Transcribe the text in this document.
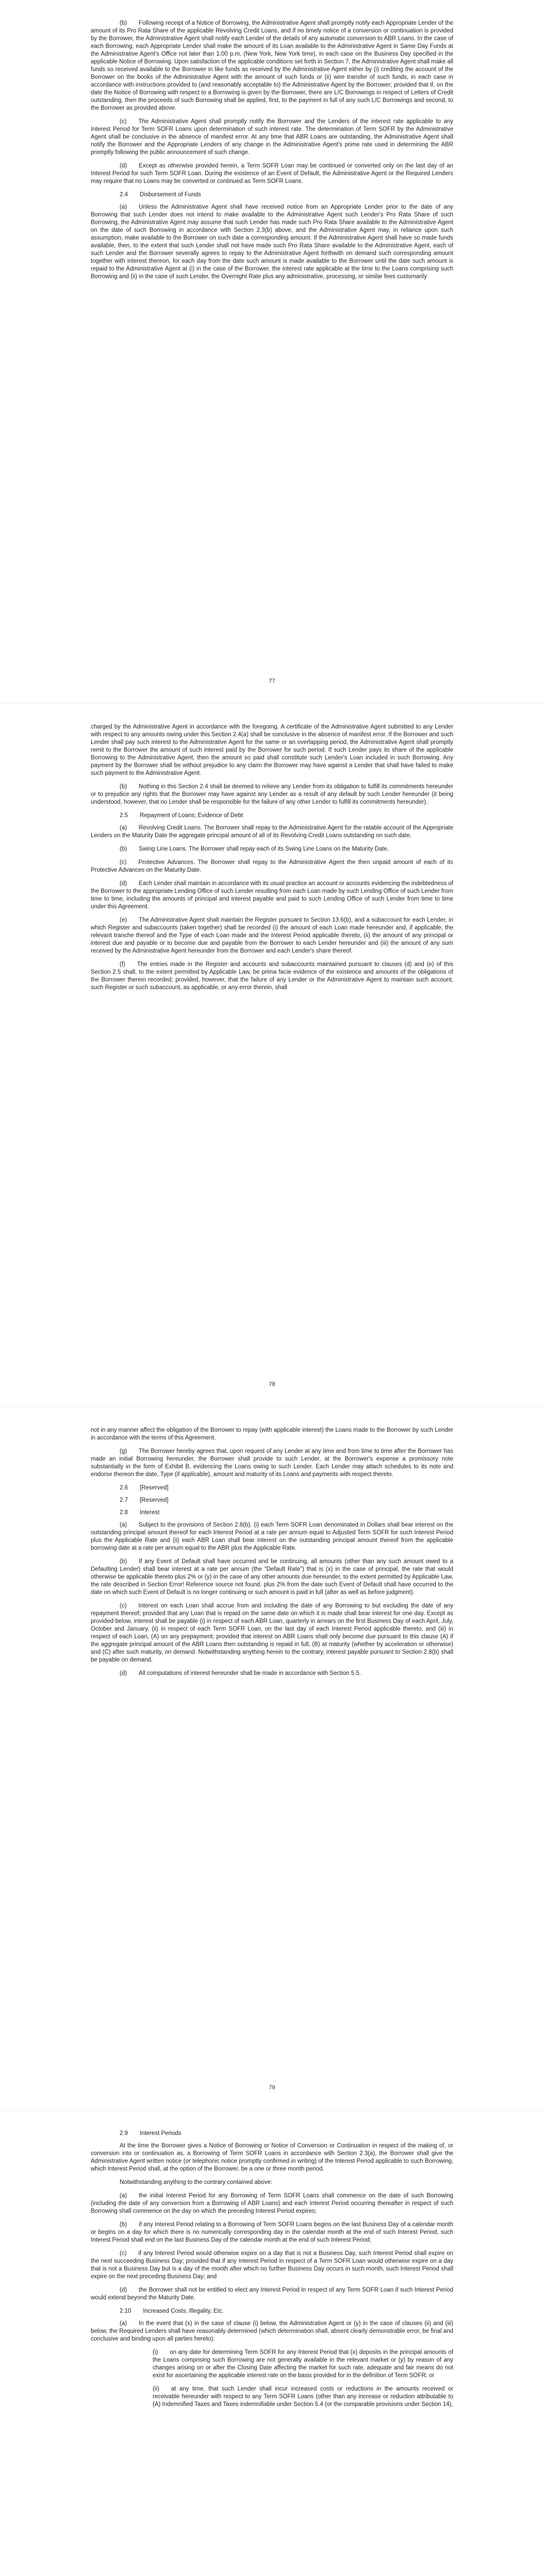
(b)  Following receipt of a Notice of Borrowing, the Administrative Agent shall promptly notify each Appropriate Lender of the amount of its Pro Rata Share of the applicable Revolving Credit Loans, and if no timely notice of a conversion or continuation is provided by the Borrower, the Administrative Agent shall notify each Lender of the details of any automatic conversion to ABR Loans. In the case of each Borrowing, each Appropriate Lender shall make the amount of its Loan available to the Administrative Agent in Same Day Funds at the Administrative Agent's Office not later than 1:00 p.m. (New York, New York time), in each case on the Business Day specified in the applicable Notice of Borrowing. Upon satisfaction of the applicable conditions set forth in Section 7, the Administrative Agent shall make all funds so received available to the Borrower in like funds as received by the Administrative Agent either by (i) crediting the account of the Borrower on the books of the Administrative Agent with the amount of such funds or (ii) wire transfer of such funds, in each case in accordance with instructions provided to (and reasonably acceptable to) the Administrative Agent by the Borrower; provided that if, on the date the Notice of Borrowing with respect to a Borrowing is given by the Borrower, there are L/C Borrowings in respect of Letters of Credit outstanding, then the proceeds of such Borrowing shall be applied, first, to the payment in full of any such L/C Borrowings and second, to the Borrower as provided above.

(c)  The Administrative Agent shall promptly notify the Borrower and the Lenders of the interest rate applicable to any Interest Period for Term SOFR Loans upon determination of such interest rate. The determination of Term SOFR by the Administrative Agent shall be conclusive in the absence of manifest error. At any time that ABR Loans are outstanding, the Administrative Agent shall notify the Borrower and the Appropriate Lenders of any change in the Administrative Agent's prime rate used in determining the ABR promptly following the public announcement of such change.

(d)  Except as otherwise provided herein, a Term SOFR Loan may be continued or converted only on the last day of an Interest Period for such Term SOFR Loan. During the existence of an Event of Default, the Administrative Agent or the Required Lenders may require that no Loans may be converted or continued as Term SOFR Loans.

2.4  Disbursement of Funds

(a)  Unless the Administrative Agent shall have received notice from an Appropriate Lender prior to the date of any Borrowing that such Lender does not intend to make available to the Administrative Agent such Lender's Pro Rata Share of such Borrowing, the Administrative Agent may assume that such Lender has made such Pro Rata Share available to the Administrative Agent on the date of such Borrowing in accordance with Section 2.3(b) above, and the Administrative Agent may, in reliance upon such assumption, make available to the Borrower on such date a corresponding amount. If the Administrative Agent shall have so made funds available, then, to the extent that such Lender shall not have made such Pro Rata Share available to the Administrative Agent, each of such Lender and the Borrower severally agrees to repay to the Administrative Agent forthwith on demand such corresponding amount together with interest thereon, for each day from the date such amount is made available to the Borrower until the date such amount is repaid to the Administrative Agent at (i) in the case of the Borrower, the interest rate applicable at the time to the Loans comprising such Borrowing and (ii) in the case of such Lender, the Overnight Rate plus any administrative, processing, or similar fees customarily

77

charged by the Administrative Agent in accordance with the foregoing. A certificate of the Administrative Agent submitted to any Lender with respect to any amounts owing under this Section 2.4(a) shall be conclusive in the absence of manifest error. If the Borrower and such Lender shall pay such interest to the Administrative Agent for the same or an overlapping period, the Administrative Agent shall promptly remit to the Borrower the amount of such interest paid by the Borrower for such period. If such Lender pays its share of the applicable Borrowing to the Administrative Agent, then the amount so paid shall constitute such Lender's Loan included in such Borrowing. Any payment by the Borrower shall be without prejudice to any claim the Borrower may have against a Lender that shall have failed to make such payment to the Administrative Agent.

(b)  Nothing in this Section 2.4 shall be deemed to relieve any Lender from its obligation to fulfill its commitments hereunder or to prejudice any rights that the Borrower may have against any Lender as a result of any default by such Lender hereunder (it being understood, however, that no Lender shall be responsible for the failure of any other Lender to fulfill its commitments hereunder).

2.5  Repayment of Loans; Evidence of Debt

(a)  Revolving Credit Loans. The Borrower shall repay to the Administrative Agent for the ratable account of the Appropriate Lenders on the Maturity Date the aggregate principal amount of all of its Revolving Credit Loans outstanding on such date.

(b)  Swing Line Loans. The Borrower shall repay each of its Swing Line Loans on the Maturity Date.

(c)  Protective Advances. The Borrower shall repay to the Administrative Agent the then unpaid amount of each of its Protective Advances on the Maturity Date.

(d)  Each Lender shall maintain in accordance with its usual practice an account or accounts evidencing the indebtedness of the Borrower to the appropriate Lending Office of such Lender resulting from each Loan made by such Lending Office of such Lender from time to time, including the amounts of principal and interest payable and paid to such Lending Office of such Lender from time to time under this Agreement.

(e)  The Administrative Agent shall maintain the Register pursuant to Section 13.6(b), and a subaccount for each Lender, in which Register and subaccounts (taken together) shall be recorded (i) the amount of each Loan made hereunder and, if applicable, the relevant tranche thereof and the Type of each Loan made and the Interest Period applicable thereto, (ii) the amount of any principal or interest due and payable or to become due and payable from the Borrower to each Lender hereunder and (iii) the amount of any sum received by the Administrative Agent hereunder from the Borrower and each Lender's share thereof.

(f)  The entries made in the Register and accounts and subaccounts maintained pursuant to clauses (d) and (e) of this Section 2.5 shall, to the extent permitted by Applicable Law, be prima facie evidence of the existence and amounts of the obligations of the Borrower therein recorded; provided, however, that the failure of any Lender or the Administrative Agent to maintain such account, such Register or such subaccount, as applicable, or any error therein, shall

78

not in any manner affect the obligation of the Borrower to repay (with applicable interest) the Loans made to the Borrower by such Lender in accordance with the terms of this Agreement.

(g)  The Borrower hereby agrees that, upon request of any Lender at any time and from time to time after the Borrower has made an initial Borrowing hereunder, the Borrower shall provide to such Lender, at the Borrower's expense a promissory note substantially in the form of Exhibit B, evidencing the Loans owing to such Lender. Each Lender may attach schedules to its note and endorse thereon the date, Type (if applicable), amount and maturity of its Loans and payments with respect thereto.

2.6  [Reserved]

2.7  [Reserved]

2.8  Interest

(a)  Subject to the provisions of Section 2.8(b), (i) each Term SOFR Loan denominated in Dollars shall bear interest on the outstanding principal amount thereof for each Interest Period at a rate per annum equal to Adjusted Term SOFR for such Interest Period plus the Applicable Rate and (ii) each ABR Loan shall bear interest on the outstanding principal amount thereof from the applicable borrowing date at a rate per annum equal to the ABR plus the Applicable Rate.

(b)  If any Event of Default shall have occurred and be continuing, all amounts (other than any such amount owed to a Defaulting Lender) shall bear interest at a rate per annum (the “Default Rate”) that is (x) in the case of principal, the rate that would otherwise be applicable thereto plus 2% or (y) in the case of any other amounts due hereunder, to the extent permitted by Applicable Law, the rate described in Section Error! Reference source not found. plus 2% from the date such Event of Default shall have occurred to the date on which such Event of Default is no longer continuing or such amount is paid in full (after as well as before judgment).

(c)  Interest on each Loan shall accrue from and including the date of any Borrowing to but excluding the date of any repayment thereof; provided that any Loan that is repaid on the same date on which it is made shall bear interest for one day. Except as provided below, interest shall be payable (i) in respect of each ABR Loan, quarterly in arrears on the first Business Day of each April, July, October and January, (ii) in respect of each Term SOFR Loan, on the last day of each Interest Period applicable thereto, and (iii) in respect of each Loan, (A) on any prepayment; provided that interest on ABR Loans shall only become due pursuant to this clause (A) if the aggregate principal amount of the ABR Loans then outstanding is repaid in full, (B) at maturity (whether by acceleration or otherwise) and (C) after such maturity, on demand. Notwithstanding anything herein to the contrary, interest payable pursuant to Section 2.8(b) shall be payable on demand.

(d)  All computations of interest hereunder shall be made in accordance with Section 5.5.

79

2.9  Interest Periods

At the time the Borrower gives a Notice of Borrowing or Notice of Conversion or Continuation in respect of the making of, or conversion into or continuation as, a Borrowing of Term SOFR Loans in accordance with Section 2.3(a), the Borrower shall give the Administrative Agent written notice (or telephonic notice promptly confirmed in writing) of the Interest Period applicable to such Borrowing, which Interest Period shall, at the option of the Borrower, be a one or three month period.

Notwithstanding anything to the contrary contained above:

(a)  the initial Interest Period for any Borrowing of Term SOFR Loans shall commence on the date of such Borrowing (including the date of any conversion from a Borrowing of ABR Loans) and each Interest Period occurring thereafter in respect of such Borrowing shall commence on the day on which the preceding Interest Period expires;

(b)  if any Interest Period relating to a Borrowing of Term SOFR Loans begins on the last Business Day of a calendar month or begins on a day for which there is no numerically corresponding day in the calendar month at the end of such Interest Period, such Interest Period shall end on the last Business Day of the calendar month at the end of such Interest Period;

(c)  if any Interest Period would otherwise expire on a day that is not a Business Day, such Interest Period shall expire on the next succeeding Business Day; provided that if any Interest Period in respect of a Term SOFR Loan would otherwise expire on a day that is not a Business Day but is a day of the month after which no further Business Day occurs in such month, such Interest Period shall expire on the next preceding Business Day; and

(d)  the Borrower shall not be entitled to elect any Interest Period in respect of any Term SOFR Loan if such Interest Period would extend beyond the Maturity Date.

2.10  Increased Costs, Illegality, Etc.

(a)  In the event that (x) in the case of clause (i) below, the Administrative Agent or (y) in the case of clauses (ii) and (iii) below, the Required Lenders shall have reasonably determined (which determination shall, absent clearly demonstrable error, be final and conclusive and binding upon all parties hereto):

(i)  on any date for determining Term SOFR for any Interest Period that (x) deposits in the principal amounts of the Loans comprising such Borrowing are not generally available in the relevant market or (y) by reason of any changes arising on or after the Closing Date affecting the market for such rate, adequate and fair means do not exist for ascertaining the applicable interest rate on the basis provided for in the definition of Term SOFR; or

(ii)  at any time, that such Lender shall incur increased costs or reductions in the amounts received or receivable hereunder with respect to any Term SOFR Loans (other than any increase or reduction attributable to (A) Indemnified Taxes and Taxes indemnifiable under Section 5.4 (or the comparable provisions under Section 14),
